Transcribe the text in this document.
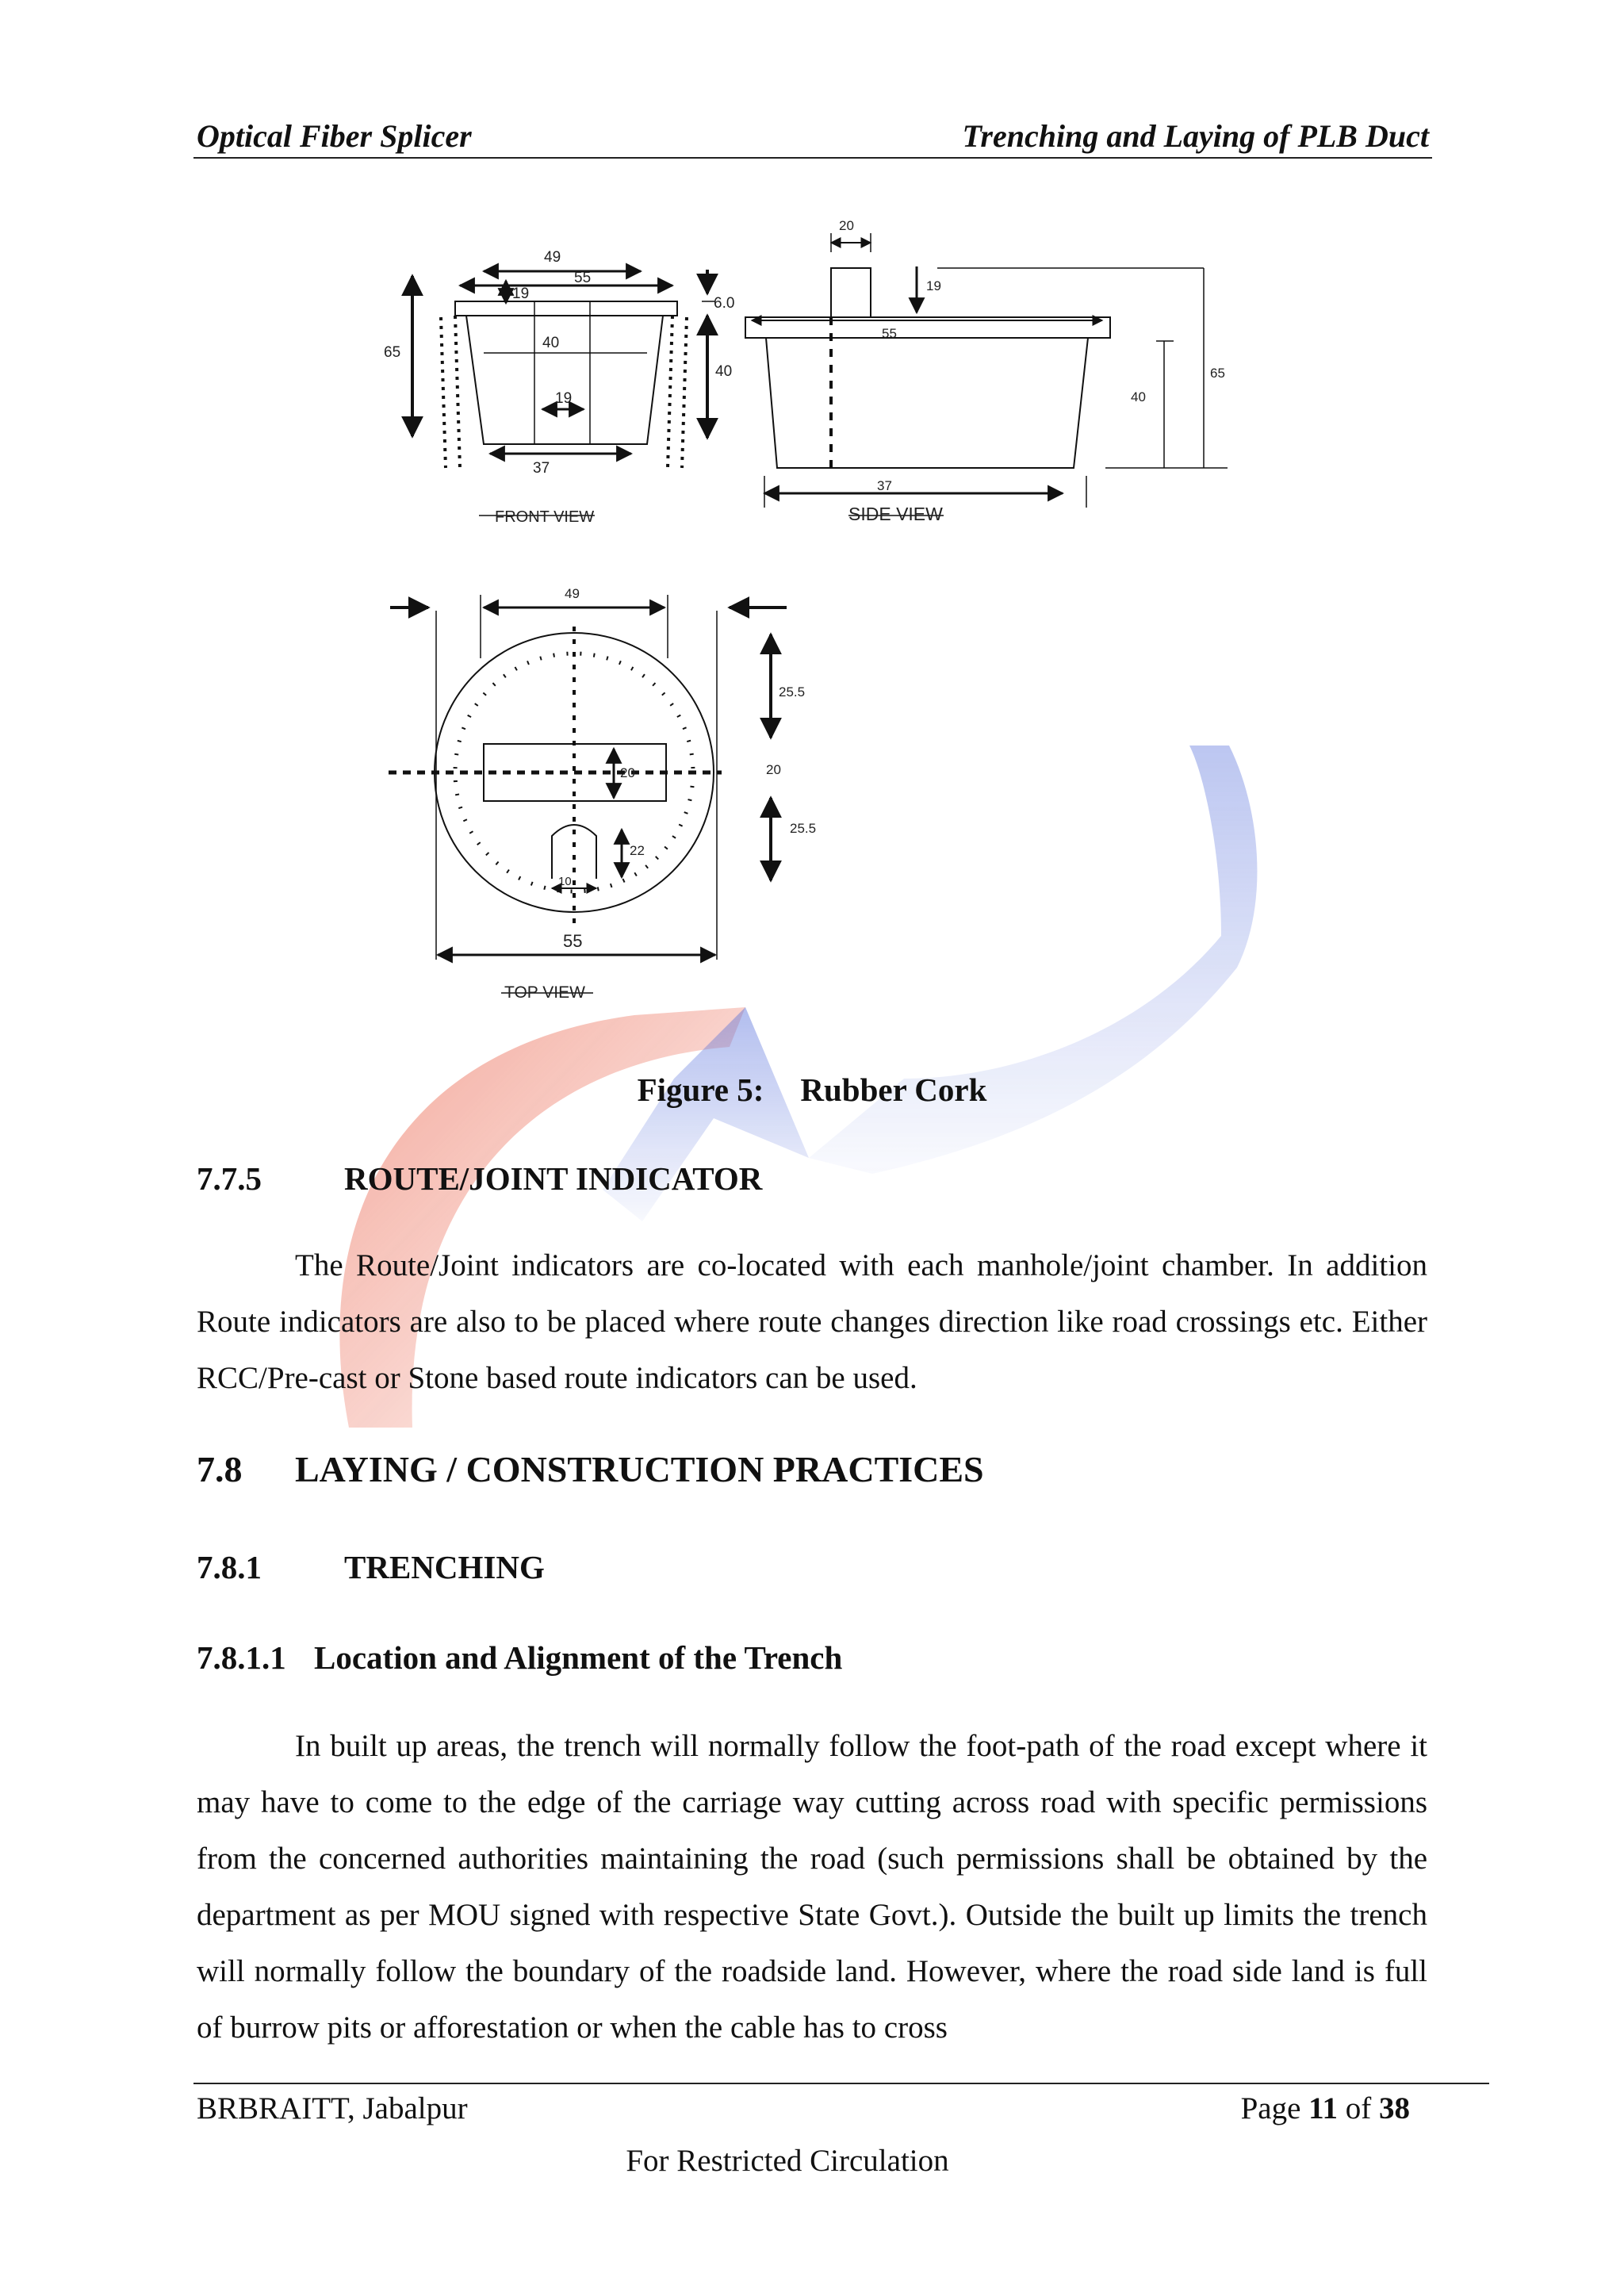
Optical Fiber Splicer	Trenching and Laying of PLB Duct
49
55
19
6.0
65
40
40
19
37
FRONT VIEW
20
19
55
40
65
37
SIDE VIEW
49
25.5
20	20
25.5
22
10
55
TOP VIEW
Figure 5: Rubber Cork
7.7.5	ROUTE/JOINT INDICATOR

The Route/Joint indicators are co-located with each manhole/joint chamber. In addition Route indicators are also to be placed where route changes direction like road crossings etc. Either RCC/Pre-cast or Stone based route indicators can be used.

7.8 LAYING / CONSTRUCTION PRACTICES
7.8.1	TRENCHING
7.8.1.1 Location and Alignment of the Trench

In built up areas, the trench will normally follow the foot-path of the road except where it may have to come to the edge of the carriage way cutting across road with specific permissions from the concerned authorities maintaining the road (such permissions shall be obtained by the department as per MOU signed with respective State Govt.). Outside the built up limits the trench will normally follow the boundary of the roadside land. However, where the road side land is full of burrow pits or afforestation or when the cable has to cross

BRBRAITT, Jabalpur	Page 11 of 38
For Restricted Circulation
